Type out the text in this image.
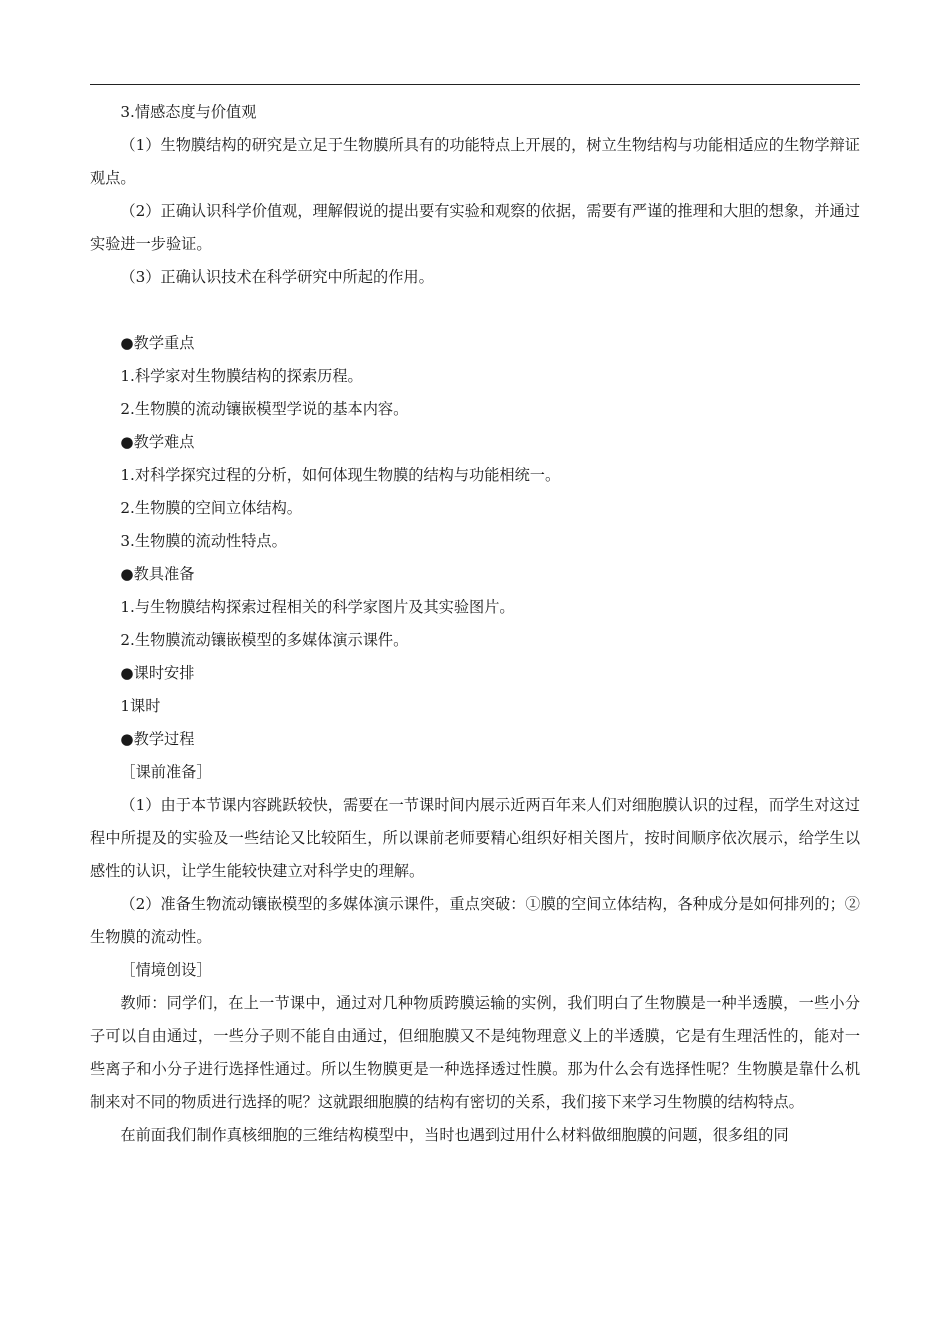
3.情感态度与价值观

（1）生物膜结构的研究是立足于生物膜所具有的功能特点上开展的，树立生物结构与功能相适应的生物学辩证观点。

（2）正确认识科学价值观，理解假说的提出要有实验和观察的依据，需要有严谨的推理和大胆的想象，并通过实验进一步验证。

（3）正确认识技术在科学研究中所起的作用。

●教学重点

1.科学家对生物膜结构的探索历程。

2.生物膜的流动镶嵌模型学说的基本内容。

●教学难点

1.对科学探究过程的分析，如何体现生物膜的结构与功能相统一。

2.生物膜的空间立体结构。

3.生物膜的流动性特点。

●教具准备

1.与生物膜结构探索过程相关的科学家图片及其实验图片。

2.生物膜流动镶嵌模型的多媒体演示课件。

●课时安排

1课时

●教学过程

［课前准备］

（1）由于本节课内容跳跃较快，需要在一节课时间内展示近两百年来人们对细胞膜认识的过程，而学生对这过程中所提及的实验及一些结论又比较陌生，所以课前老师要精心组织好相关图片，按时间顺序依次展示，给学生以感性的认识，让学生能较快建立对科学史的理解。

（2）准备生物流动镶嵌模型的多媒体演示课件，重点突破：①膜的空间立体结构，各种成分是如何排列的；②生物膜的流动性。

［情境创设］

教师：同学们，在上一节课中，通过对几种物质跨膜运输的实例，我们明白了生物膜是一种半透膜，一些小分子可以自由通过，一些分子则不能自由通过，但细胞膜又不是纯物理意义上的半透膜，它是有生理活性的，能对一些离子和小分子进行选择性通过。所以生物膜更是一种选择透过性膜。那为什么会有选择性呢？生物膜是靠什么机制来对不同的物质进行选择的呢？这就跟细胞膜的结构有密切的关系，我们接下来学习生物膜的结构特点。

在前面我们制作真核细胞的三维结构模型中，当时也遇到过用什么材料做细胞膜的问题，很多组的同
